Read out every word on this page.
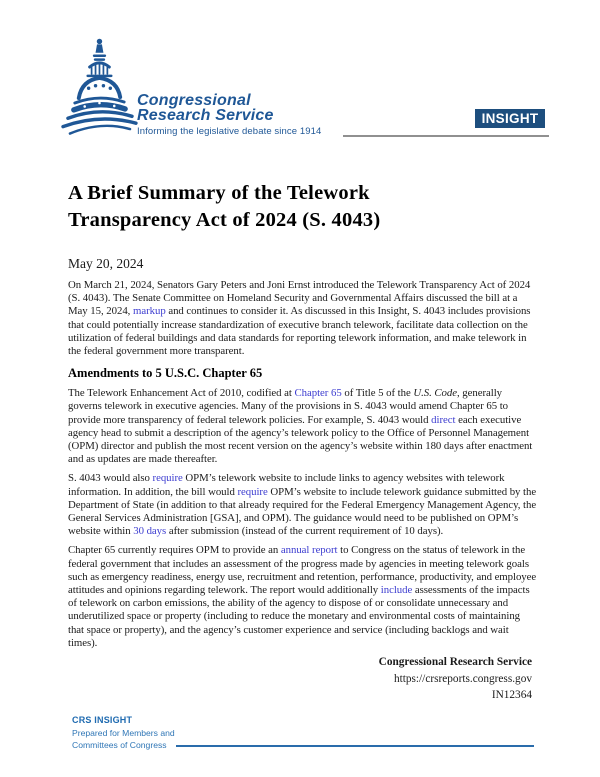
Congressional
Research Service
Informing the legislative debate since 1914
INSIGHT
A Brief Summary of the Telework
Transparency Act of 2024 (S. 4043)
May 20, 2024

On March 21, 2024, Senators Gary Peters and Joni Ernst introduced the Telework Transparency Act of 2024 (S. 4043). The Senate Committee on Homeland Security and Governmental Affairs discussed the bill at a May 15, 2024, markup and continues to consider it. As discussed in this Insight, S. 4043 includes provisions that could potentially increase standardization of executive branch telework, facilitate data collection on the utilization of federal buildings and data standards for reporting telework information, and make telework in the federal government more transparent.

Amendments to 5 U.S.C. Chapter 65

The Telework Enhancement Act of 2010, codified at Chapter 65 of Title 5 of the U.S. Code, generally governs telework in executive agencies. Many of the provisions in S. 4043 would amend Chapter 65 to provide more transparency of federal telework policies. For example, S. 4043 would direct each executive agency head to submit a description of the agency’s telework policy to the Office of Personnel Management (OPM) director and publish the most recent version on the agency’s website within 180 days after enactment and as updates are made thereafter.

S. 4043 would also require OPM’s telework website to include links to agency websites with telework information. In addition, the bill would require OPM’s website to include telework guidance submitted by the Department of State (in addition to that already required for the Federal Emergency Management Agency, the General Services Administration [GSA], and OPM). The guidance would need to be published on OPM’s website within 30 days after submission (instead of the current requirement of 10 days).

Chapter 65 currently requires OPM to provide an annual report to Congress on the status of telework in the federal government that includes an assessment of the progress made by agencies in meeting telework goals such as emergency readiness, energy use, recruitment and retention, performance, productivity, and employee attitudes and opinions regarding telework. The report would additionally include assessments of the impacts of telework on carbon emissions, the ability of the agency to dispose of or consolidate unnecessary and underutilized space or property (including to reduce the monetary and environmental costs of maintaining that space or property), and the agency’s customer experience and service (including backlogs and wait times).

Congressional Research Service
https://crsreports.congress.gov
IN12364
CRS INSIGHT
Prepared for Members and
Committees of Congress
